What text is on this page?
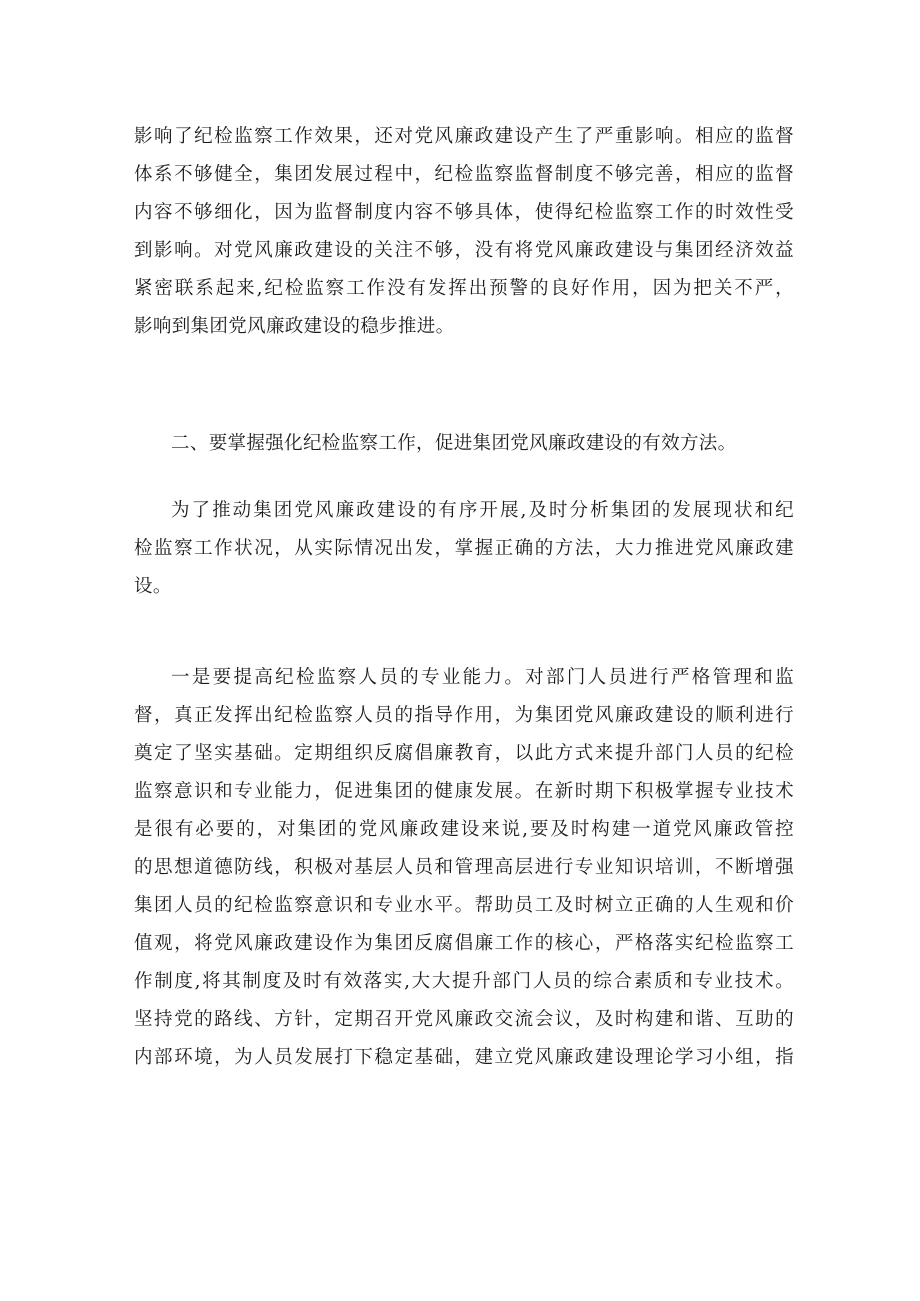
影响了纪检监察工作效果，还对党风廉政建设产生了严重影响。相应的监督
体系不够健全，集团发展过程中，纪检监察监督制度不够完善，相应的监督
内容不够细化，因为监督制度内容不够具体，使得纪检监察工作的时效性受
到影响。对党风廉政建设的关注不够，没有将党风廉政建设与集团经济效益
紧密联系起来,纪检监察工作没有发挥出预警的良好作用，因为把关不严，
影响到集团党风廉政建设的稳步推进。
二、要掌握强化纪检监察工作，促进集团党风廉政建设的有效方法。
为了推动集团党风廉政建设的有序开展,及时分析集团的发展现状和纪
检监察工作状况，从实际情况出发，掌握正确的方法，大力推进党风廉政建
设。
一是要提高纪检监察人员的专业能力。对部门人员进行严格管理和监
督，真正发挥出纪检监察人员的指导作用，为集团党风廉政建设的顺利进行
奠定了坚实基础。定期组织反腐倡廉教育，以此方式来提升部门人员的纪检
监察意识和专业能力，促进集团的健康发展。在新时期下积极掌握专业技术
是很有必要的，对集团的党风廉政建设来说,要及时构建一道党风廉政管控
的思想道德防线，积极对基层人员和管理高层进行专业知识培训，不断增强
集团人员的纪检监察意识和专业水平。帮助员工及时树立正确的人生观和价
值观，将党风廉政建设作为集团反腐倡廉工作的核心，严格落实纪检监察工
作制度,将其制度及时有效落实,大大提升部门人员的综合素质和专业技术。
坚持党的路线、方针，定期召开党风廉政交流会议，及时构建和谐、互助的
内部环境，为人员发展打下稳定基础，建立党风廉政建设理论学习小组，指
